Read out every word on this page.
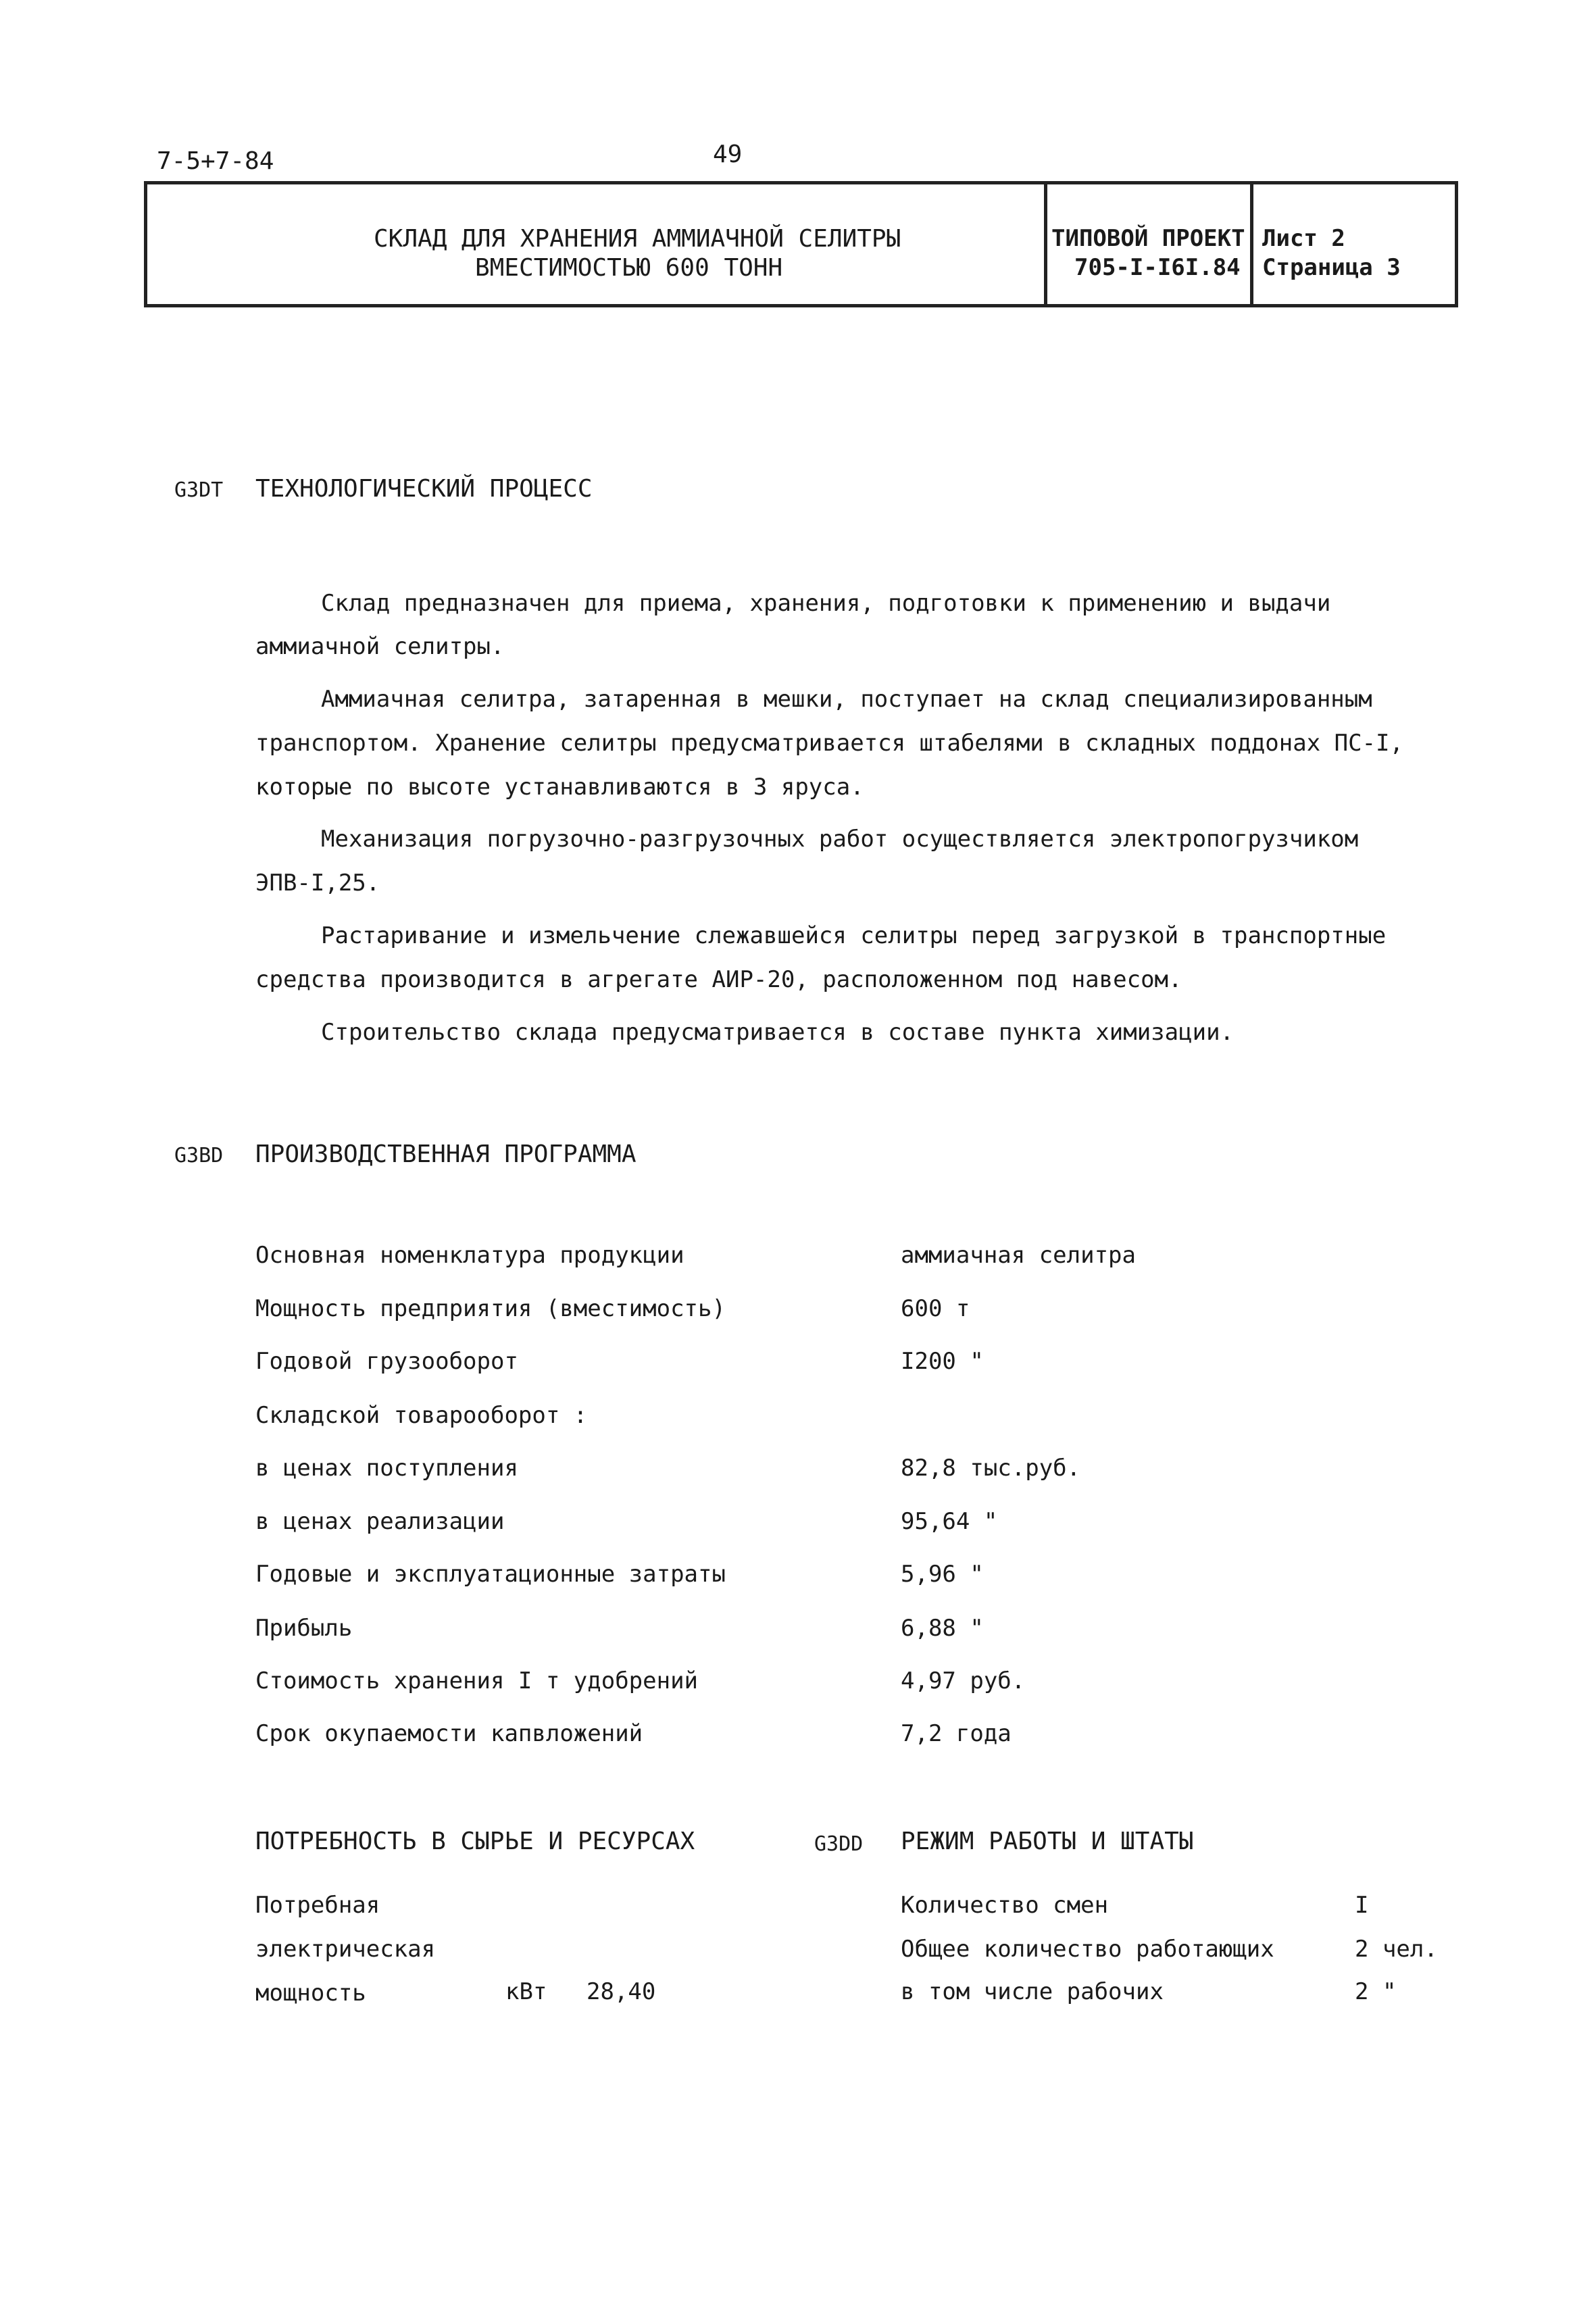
7-5+7-84	49
СКЛАД ДЛЯ ХРАНЕНИЯ АММИАЧНОЙ СЕЛИТРЫ
ВМЕСТИМОСТЬЮ 600 ТОНН
ТИПОВОЙ ПРОЕКТ
705-I-I6I.84
Лист 2
Страница 3
G3DT ТЕХНОЛОГИЧЕСКИЙ ПРОЦЕСС
Склад предназначен для приема, хранения, подготовки к применению и выдачи
аммиачной селитры.
Аммиачная селитра, затаренная в мешки, поступает на склад специализированным
транспортом. Хранение селитры предусматривается штабелями в складных поддонах ПС-I,
которые по высоте устанавливаются в 3 яруса.
Механизация погрузочно-разгрузочных работ осуществляется электропогрузчиком
ЭПВ-I,25.
Растаривание и измельчение слежавшейся селитры перед загрузкой в транспортные
средства производится в агрегате АИР-20, расположенном под навесом.
Строительство склада предусматривается в составе пункта химизации.
G3BD ПРОИЗВОДСТВЕННАЯ ПРОГРАММА
Основная номенклатура продукции	аммиачная селитра
Мощность предприятия (вместимость)	600 т
Годовой грузооборот	I200 "
Складской товарооборот :
в ценах поступления	82,8 тыс.руб.
в ценах реализации	95,64 "
Годовые и эксплуатационные затраты	5,96 "
Прибыль	6,88 "
Стоимость хранения I т удобрений	4,97 руб.
Срок окупаемости капвложений	7,2 года
ПОТРЕБНОСТЬ В СЫРЬЕ И РЕСУРСАХ
Потребная
электрическая
мощность	кВт 28,40
G3DD РЕЖИМ РАБОТЫ И ШТАТЫ
Количество смен	I
Общее количество работающих	2 чел.
в том числе рабочих	2 "
